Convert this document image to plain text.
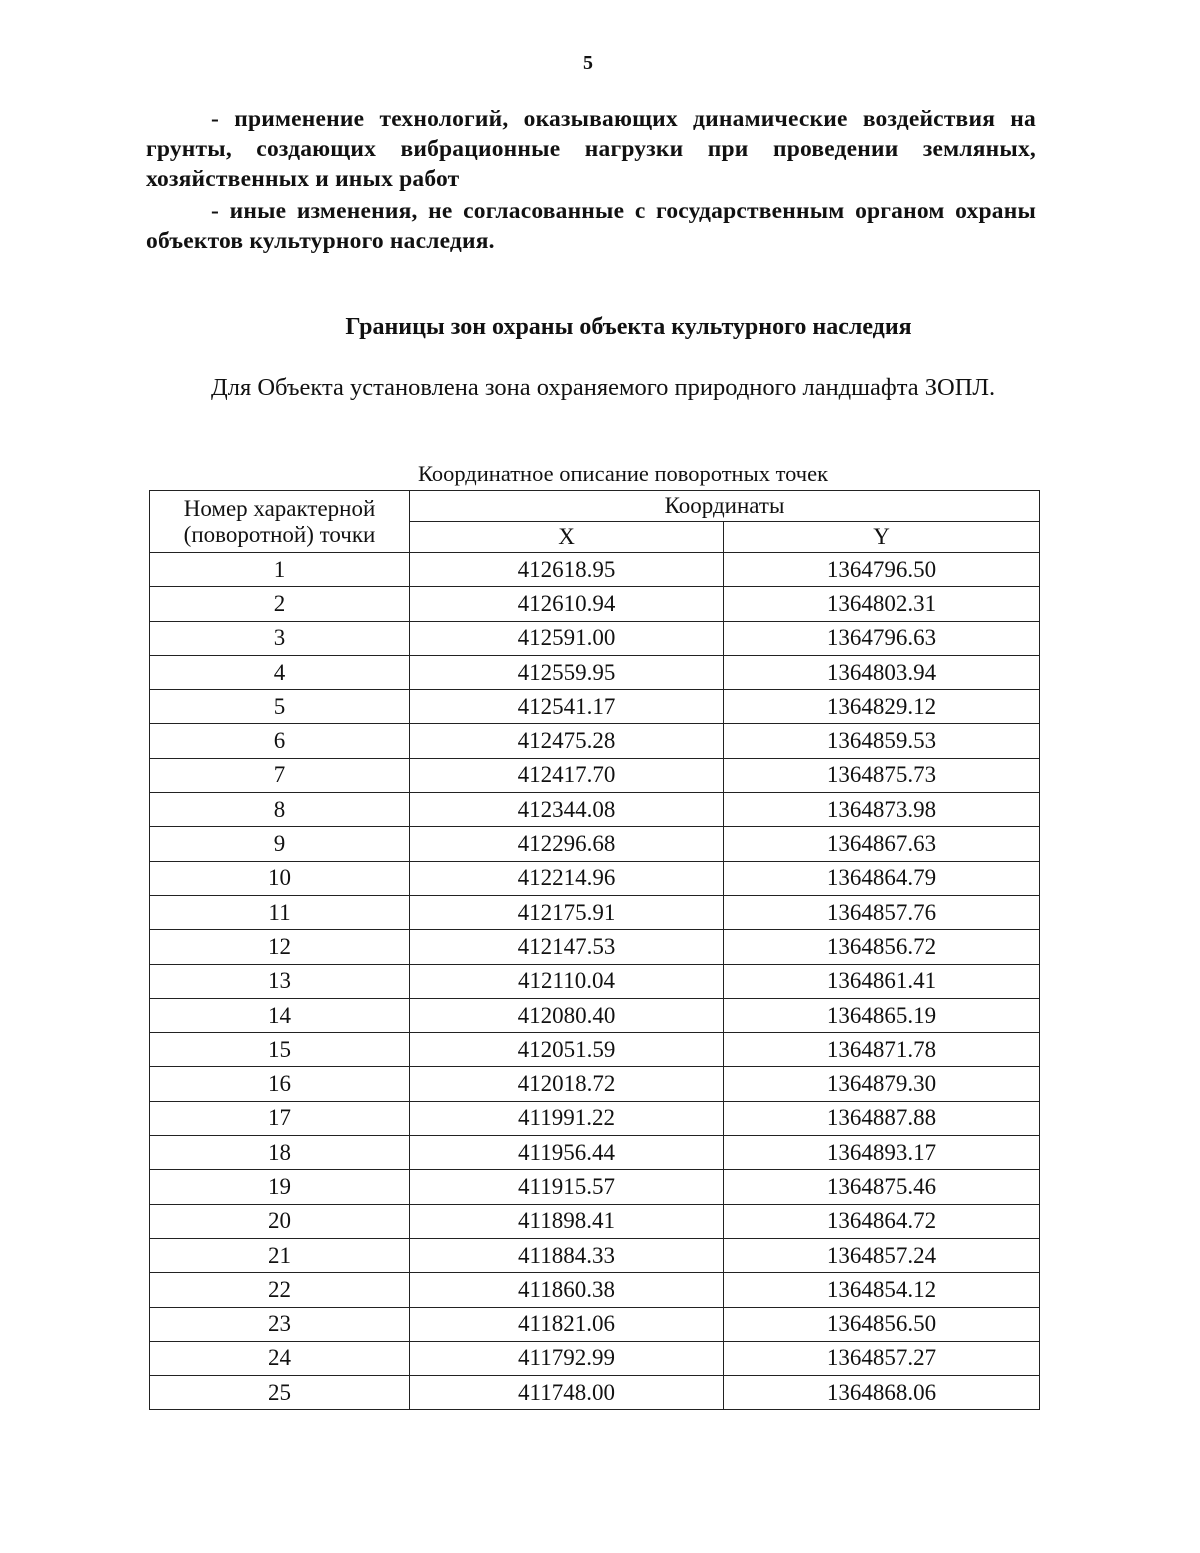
5

- применение технологий, оказывающих динамические воздействия на грунты, создающих вибрационные нагрузки при проведении земляных, хозяйственных и иных работ

- иные изменения, не согласованные с государственным органом охраны объектов культурного наследия.

Границы зон охраны объекта культурного наследия

Для Объекта установлена зона охраняемого природного ландшафта ЗОПЛ.

Координатное описание поворотных точек
Номер характерной
(поворотной) точки	Координаты	
	X	Y
1	412618.95	1364796.50
2	412610.94	1364802.31
3	412591.00	1364796.63
4	412559.95	1364803.94
5	412541.17	1364829.12
6	412475.28	1364859.53
7	412417.70	1364875.73
8	412344.08	1364873.98
9	412296.68	1364867.63
10	412214.96	1364864.79
11	412175.91	1364857.76
12	412147.53	1364856.72
13	412110.04	1364861.41
14	412080.40	1364865.19
15	412051.59	1364871.78
16	412018.72	1364879.30
17	411991.22	1364887.88
18	411956.44	1364893.17
19	411915.57	1364875.46
20	411898.41	1364864.72
21	411884.33	1364857.24
22	411860.38	1364854.12
23	411821.06	1364856.50
24	411792.99	1364857.27
25	411748.00	1364868.06
